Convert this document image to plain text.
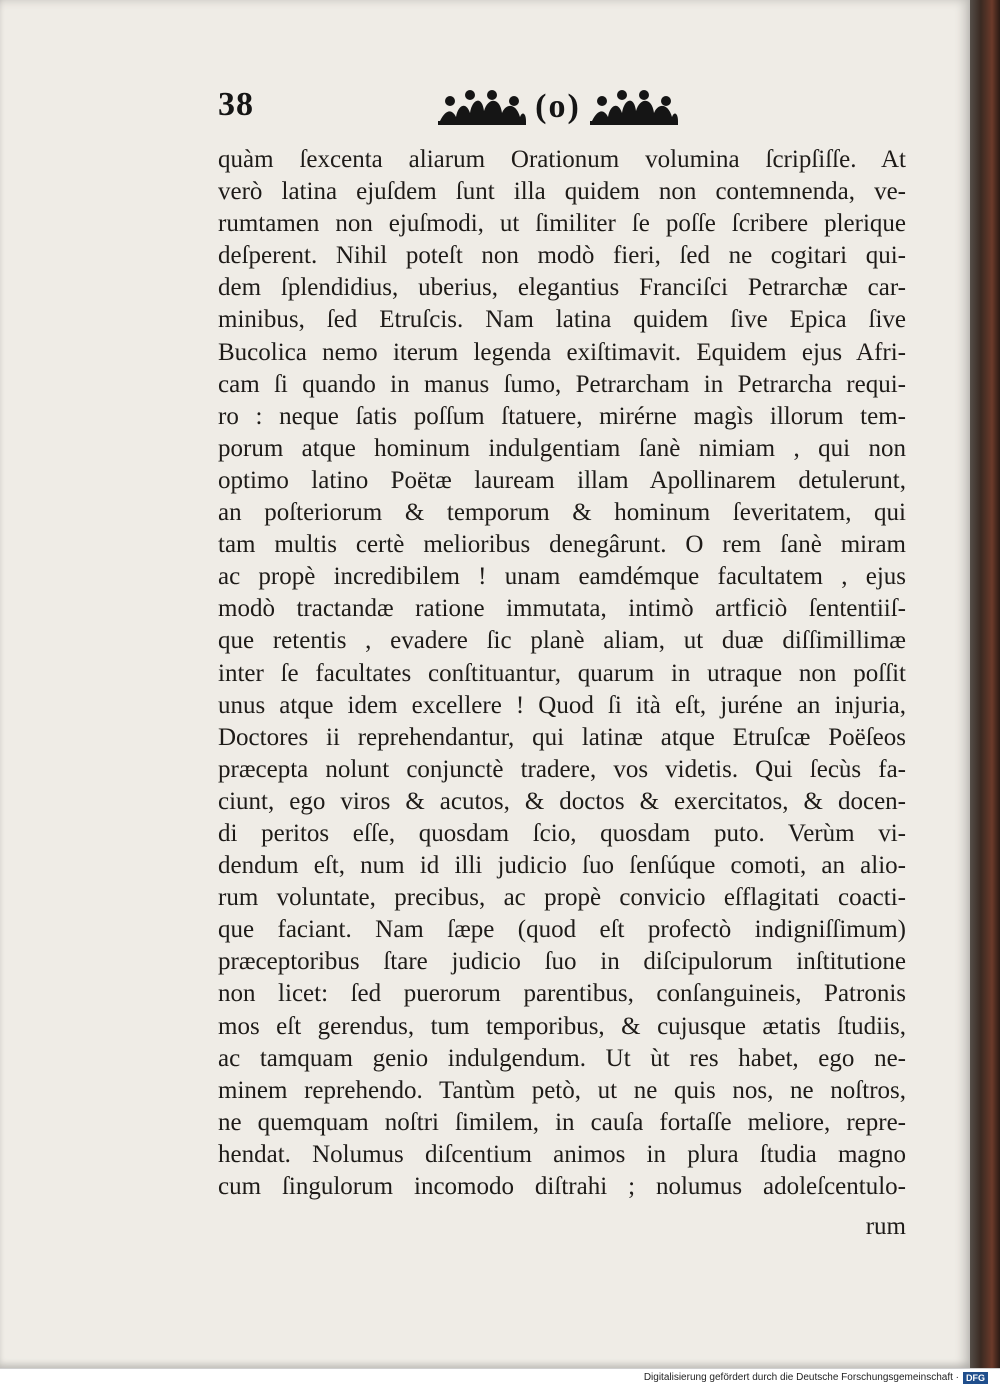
38	(o)
quàm ſexcenta aliarum Orationum volumina ſcripſiſſe. At
verò latina ejuſdem ſunt illa quidem non contemnenda, ve-
rumtamen non ejuſmodi, ut ſimiliter ſe poſſe ſcribere plerique
deſperent. Nihil poteſt non modò fieri, ſed ne cogitari qui-
dem ſplendidius, uberius, elegantius Franciſci Petrarchæ car-
minibus, ſed Etruſcis. Nam latina quidem ſive Epica ſive
Bucolica nemo iterum legenda exiſtimavit. Equidem ejus Afri-
cam ſi quando in manus ſumo, Petrarcham in Petrarcha requi-
ro : neque ſatis poſſum ſtatuere, mirérne magìs illorum tem-
porum atque hominum indulgentiam ſanè nimiam , qui non
optimo latino Poëtæ lauream illam Apollinarem detulerunt,
an poſteriorum & temporum & hominum ſeveritatem, qui
tam multis certè melioribus denegârunt. O rem ſanè miram
ac propè incredibilem ! unam eamdémque facultatem , ejus
modò tractandæ ratione immutata, intimò artficiò ſententiiſ-
que retentis , evadere ſic planè aliam, ut duæ diſſimillimæ
inter ſe facultates conſtituantur, quarum in utraque non poſſit
unus atque idem excellere ! Quod ſi ità eſt, juréne an injuria,
Doctores ii reprehendantur, qui latinæ atque Etruſcæ Poëſeos
præcepta nolunt conjunctè tradere, vos videtis. Qui ſecùs fa-
ciunt, ego viros & acutos, & doctos & exercitatos, & docen-
di peritos eſſe, quosdam ſcio, quosdam puto. Verùm vi-
dendum eſt, num id illi judicio ſuo ſenſúque comoti, an alio-
rum voluntate, precibus, ac propè convicio eſflagitati coacti-
que faciant. Nam ſæpe (quod eſt profectò indigniſſimum)
præceptoribus ſtare judicio ſuo in diſcipulorum inſtitutione
non licet: ſed puerorum parentibus, conſanguineis, Patronis
mos eſt gerendus, tum temporibus, & cujusque ætatis ſtudiis,
ac tamquam genio indulgendum. Ut ùt res habet, ego ne-
minem reprehendo. Tantùm petò, ut ne quis nos, ne noſtros,
ne quemquam noſtri ſimilem, in cauſa fortaſſe meliore, repre-
hendat. Nolumus diſcentium animos in plura ſtudia magno
cum ſingulorum incomodo diſtrahi ; nolumus adoleſcentulo-
rum
Digitalisierung gefördert durch die Deutsche Forschungsgemeinschaft · DFG
